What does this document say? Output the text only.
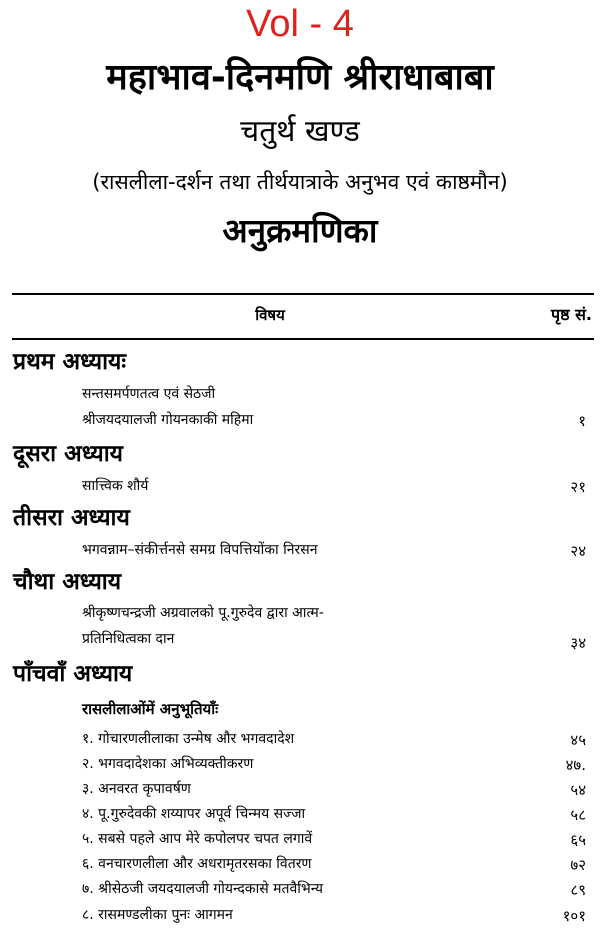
Vol - 4
महाभाव-दिनमणि श्रीराधाबाबा
चतुर्थ खण्ड
(रासलीला-दर्शन तथा तीर्थयात्राके अनुभव एवं काष्ठमौन)
अनुक्रमणिका
विषय	पृष्ठ सं.
प्रथम अध्यायः
सन्तसमर्पणतत्व एवं सेठजी
श्रीजयदयालजी गोयनकाकी महिमा	१
दूसरा अध्याय
सात्त्विक शौर्य	२१
तीसरा अध्याय
भगवन्नाम–संकीर्त्तनसे समग्र विपत्तियोंका निरसन	२४
चौथा अध्याय
श्रीकृष्णचन्द्रजी अग्रवालको पू.गुरुदेव द्वारा आत्म-
प्रतिनिधित्वका दान	३४
पाँचवाँ अध्याय
रासलीलाओंमें अनुभूतियाँः
१. गोचारणलीलाका उन्मेष और भगवदादेश	४५
२. भगवदादेशका अभिव्यक्तीकरण	४७.
३. अनवरत कृपावर्षण	५४
४. पू.गुरुदेवकी शय्यापर अपूर्व चिन्मय सज्जा	५८
५. सबसे पहले आप मेरे कपोलपर चपत लगावें	६५
६. वनचारणलीला और अधरामृतरसका वितरण	७२
७. श्रीसेठजी जयदयालजी गोयन्दकासे मतवैभिन्य	८९
८. रासमण्डलीका पुनः आगमन	१०१
